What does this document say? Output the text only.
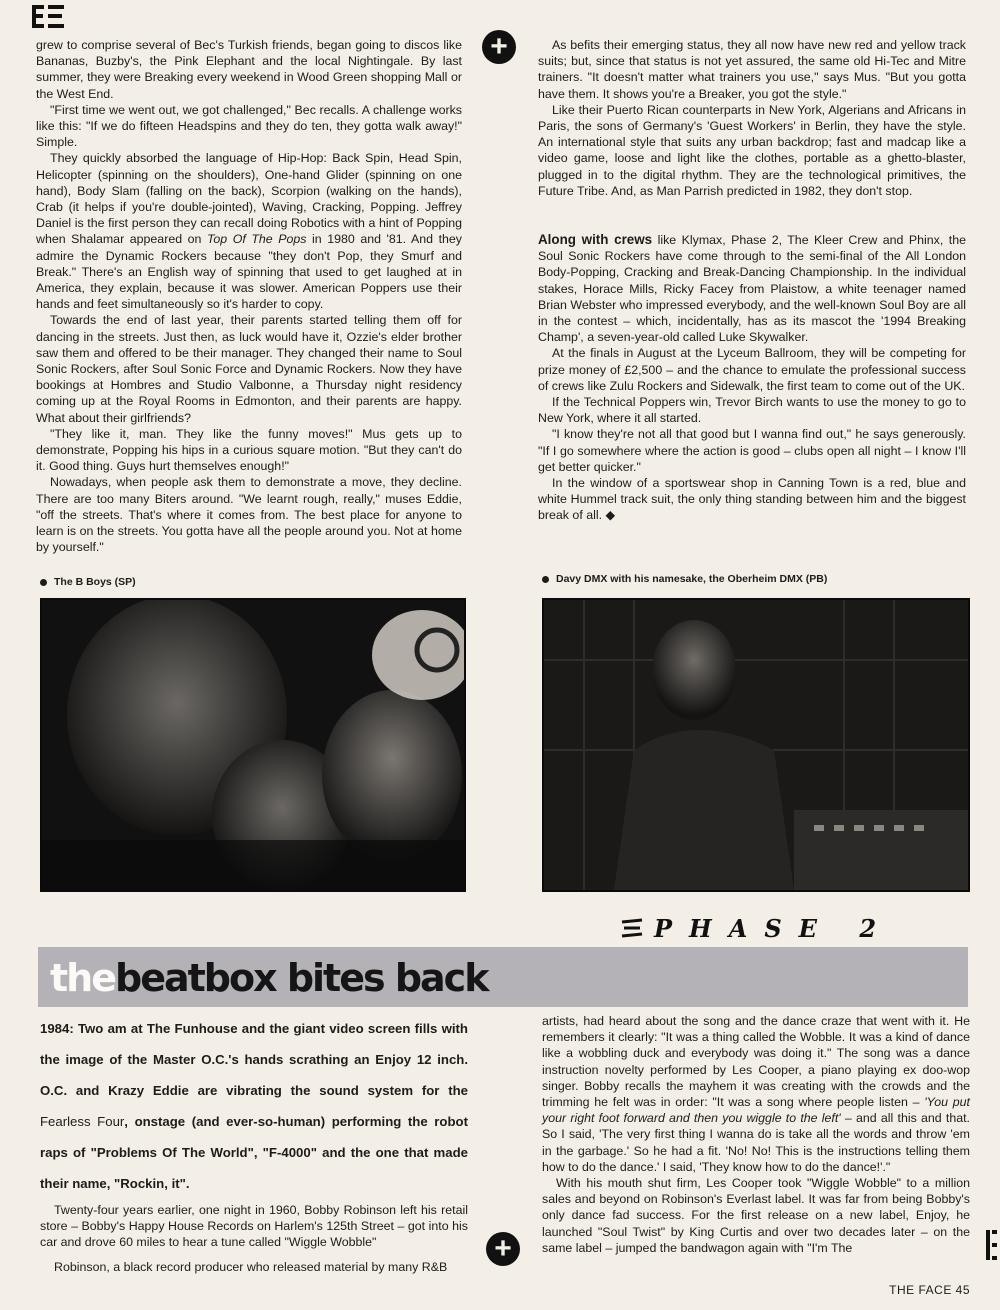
grew to comprise several of Bec's Turkish friends, began going to discos like Bananas, Buzby's, the Pink Elephant and the local Nightingale. By last summer, they were Breaking every weekend in Wood Green shopping Mall or the West End.

"First time we went out, we got challenged," Bec recalls. A challenge works like this: "If we do fifteen Headspins and they do ten, they gotta walk away!" Simple.

They quickly absorbed the language of Hip-Hop: Back Spin, Head Spin, Helicopter (spinning on the shoulders), One-hand Glider (spinning on one hand), Body Slam (falling on the back), Scorpion (walking on the hands), Crab (it helps if you're double-jointed), Waving, Cracking, Popping. Jeffrey Daniel is the first person they can recall doing Robotics with a hint of Popping when Shalamar appeared on Top Of The Pops in 1980 and '81. And they admire the Dynamic Rockers because "they don't Pop, they Smurf and Break." There's an English way of spinning that used to get laughed at in America, they explain, because it was slower. American Poppers use their hands and feet simultaneously so it's harder to copy.

Towards the end of last year, their parents started telling them off for dancing in the streets. Just then, as luck would have it, Ozzie's elder brother saw them and offered to be their manager. They changed their name to Soul Sonic Rockers, after Soul Sonic Force and Dynamic Rockers. Now they have bookings at Hombres and Studio Valbonne, a Thursday night residency coming up at the Royal Rooms in Edmonton, and their parents are happy. What about their girlfriends?

"They like it, man. They like the funny moves!" Mus gets up to demonstrate, Popping his hips in a curious square motion. "But they can't do it. Good thing. Guys hurt themselves enough!"

Nowadays, when people ask them to demonstrate a move, they decline. There are too many Biters around. "We learnt rough, really," muses Eddie, "off the streets. That's where it comes from. The best place for anyone to learn is on the streets. You gotta have all the people around you. Not at home by yourself."

+	As befits their emerging status, they all now have new red and yellow track suits; but, since that status is not yet assured, the same old Hi-Tec and Mitre trainers. "It doesn't matter what trainers you use," says Mus. "But you gotta have them. It shows you're a Breaker, you got the style."

Like their Puerto Rican counterparts in New York, Algerians and Africans in Paris, the sons of Germany's 'Guest Workers' in Berlin, they have the style. An international style that suits any urban backdrop; fast and madcap like a video game, loose and light like the clothes, portable as a ghetto-blaster, plugged in to the digital rhythm. They are the technological primitives, the Future Tribe. And, as Man Parrish predicted in 1982, they don't stop.

Along with crews like Klymax, Phase 2, The Kleer Crew and Phinx, the Soul Sonic Rockers have come through to the semi-final of the All London Body-Popping, Cracking and Break-Dancing Championship. In the individual stakes, Horace Mills, Ricky Facey from Plaistow, a white teenager named Brian Webster who impressed everybody, and the well-known Soul Boy are all in the contest – which, incidentally, has as its mascot the '1994 Breaking Champ', a seven-year-old called Luke Skywalker.

At the finals in August at the Lyceum Ballroom, they will be competing for prize money of £2,500 – and the chance to emulate the professional success of crews like Zulu Rockers and Sidewalk, the first team to come out of the UK.

If the Technical Poppers win, Trevor Birch wants to use the money to go to New York, where it all started.

"I know they're not all that good but I wanna find out," he says generously. "If I go somewhere where the action is good – clubs open all night – I know I'll get better quicker."

In the window of a sportswear shop in Canning Town is a red, blue and white Hummel track suit, the only thing standing between him and the biggest break of all. ◆

The B Boys (SP)	Davy DMX with his namesake, the Oberheim DMX (PB)
PHASE 2
the beatbox bites back
1984: Two am at The Funhouse and the giant video screen fills with the image of the Master O.C.'s hands scrathing an Enjoy 12 inch. O.C. and Krazy Eddie are vibrating the sound system for the Fearless Four, onstage (and ever-so-human) performing the robot raps of "Problems Of The World", "F-4000" and the one that made their name, "Rockin, it".

Twenty-four years earlier, one night in 1960, Bobby Robinson left his retail store – Bobby's Happy House Records on Harlem's 125th Street – got into his car and drove 60 miles to hear a tune called "Wiggle Wobble"

Robinson, a black record producer who released material by many R&B

+

artists, had heard about the song and the dance craze that went with it. He remembers it clearly: "It was a thing called the Wobble. It was a kind of dance like a wobbling duck and everybody was doing it." The song was a dance instruction novelty performed by Les Cooper, a piano playing ex doo-wop singer. Bobby recalls the mayhem it was creating with the crowds and the trimming he felt was in order: "It was a song where people listen – 'You put your right foot forward and then you wiggle to the left' – and all this and that. So I said, 'The very first thing I wanna do is take all the words and throw 'em in the garbage.' So he had a fit. 'No! No! This is the instructions telling them how to do the dance.' I said, 'They know how to do the dance!'."

With his mouth shut firm, Les Cooper took "Wiggle Wobble" to a million sales and beyond on Robinson's Everlast label. It was far from being Bobby's only dance fad success. For the first release on a new label, Enjoy, he launched "Soul Twist" by King Curtis and over two decades later – on the same label – jumped the bandwagon again with "I'm The

THE FACE 45
